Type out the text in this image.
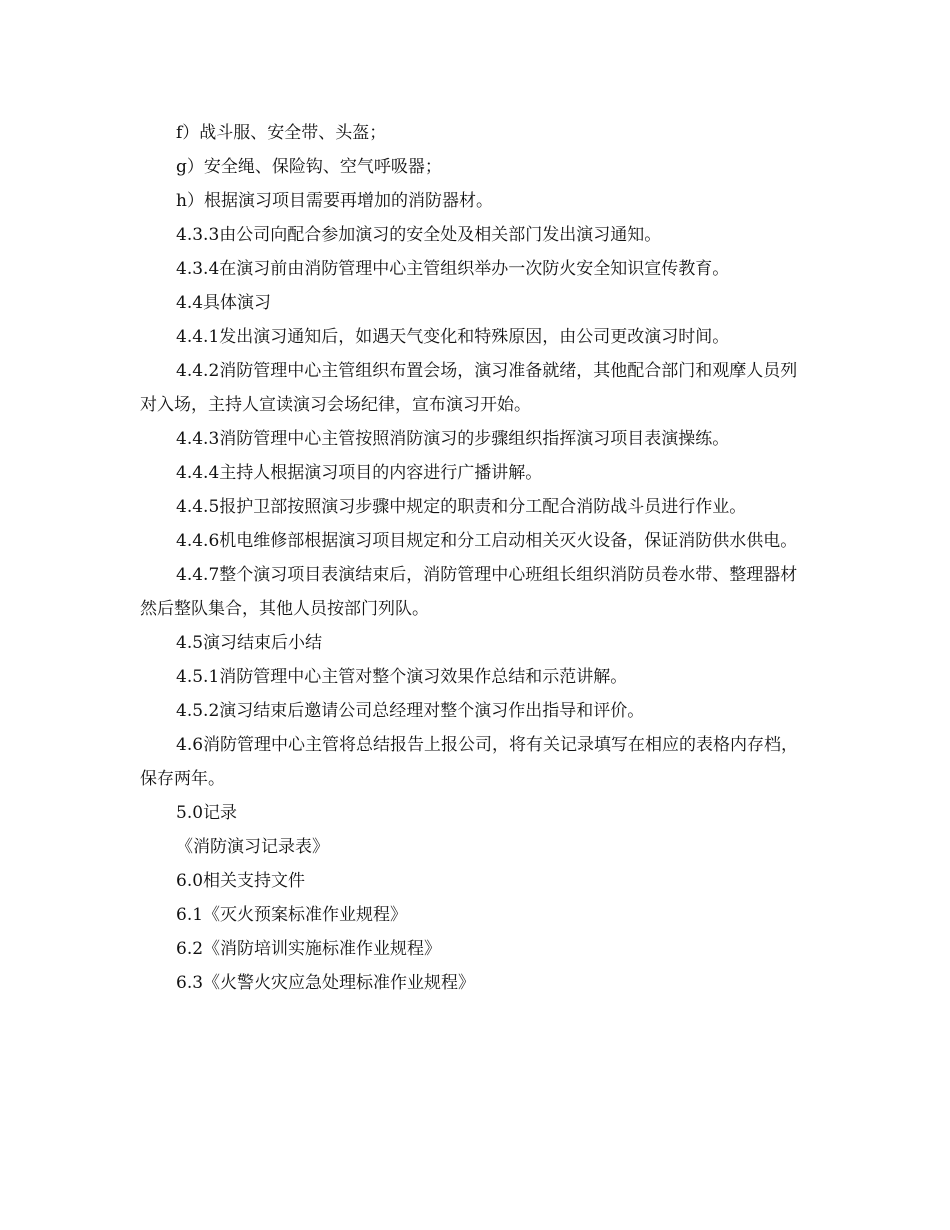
f）战斗服、安全带、头盔；

g）安全绳、保险钩、空气呼吸器；

h）根据演习项目需要再增加的消防器材。

4.3.3由公司向配合参加演习的安全处及相关部门发出演习通知。

4.3.4在演习前由消防管理中心主管组织举办一次防火安全知识宣传教育。

4.4具体演习

4.4.1发出演习通知后，如遇天气变化和特殊原因，由公司更改演习时间。

4.4.2消防管理中心主管组织布置会场，演习准备就绪，其他配合部门和观摩人员列对入场，主持人宣读演习会场纪律，宣布演习开始。

4.4.3消防管理中心主管按照消防演习的步骤组织指挥演习项目表演操练。

4.4.4主持人根据演习项目的内容进行广播讲解。

4.4.5报护卫部按照演习步骤中规定的职责和分工配合消防战斗员进行作业。

4.4.6机电维修部根据演习项目规定和分工启动相关灭火设备，保证消防供水供电。

4.4.7整个演习项目表演结束后，消防管理中心班组长组织消防员卷水带、整理器材然后整队集合，其他人员按部门列队。

4.5演习结束后小结

4.5.1消防管理中心主管对整个演习效果作总结和示范讲解。

4.5.2演习结束后邀请公司总经理对整个演习作出指导和评价。

4.6消防管理中心主管将总结报告上报公司，将有关记录填写在相应的表格内存档，保存两年。

5.0记录

《消防演习记录表》

6.0相关支持文件

6.1《灭火预案标准作业规程》

6.2《消防培训实施标准作业规程》

6.3《火警火灾应急处理标准作业规程》
